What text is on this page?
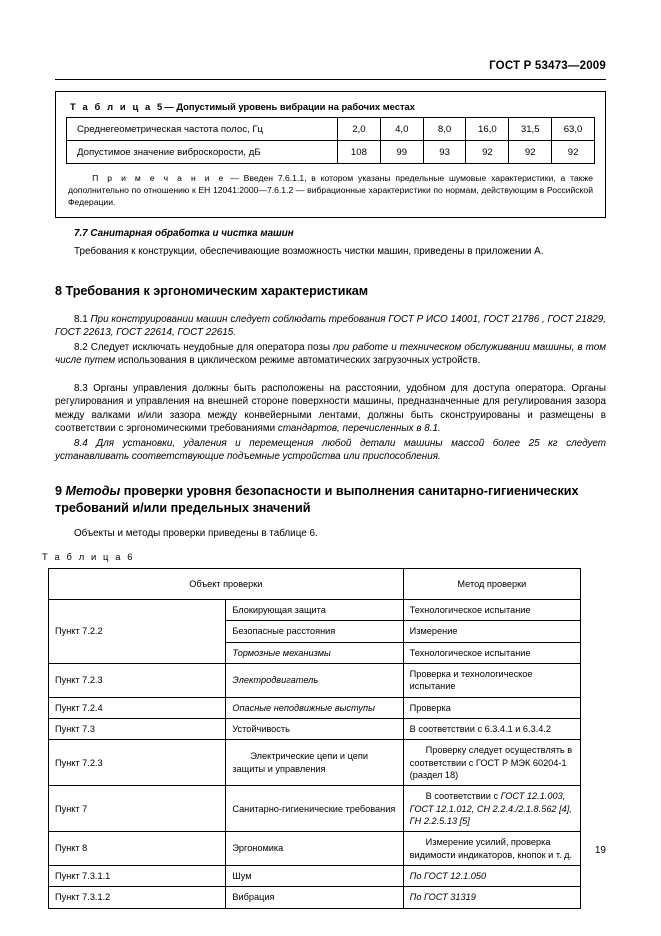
ГОСТ Р 53473—2009
Т а б л и ц а 5— Допустимый уровень вибрации на рабочих местах
Среднегеометрическая частота полос, Гц	2,0	4,0	8,0	16,0	31,5	63,0
Допустимое значение виброскорости, дБ	108	99	93	92	92	92
П р и м е ч а н и е — Введен 7.6.1.1, в котором указаны предельные шумовые характеристики, а также дополнительно по отношению к ЕН 12041:2000—7.6.1.2 — вибрационные характеристики по нормам, действующим в Российской Федерации.
7.7 Санитарная обработка и чистка машин
Требования к конструкции, обеспечивающие возможность чистки машин, приведены в приложении А.
8 Требования к эргономическим характеристикам
8.1 При конструировании машин следует соблюдать требования ГОСТ Р ИСО 14001, ГОСТ 21786 , ГОСТ 21829, ГОСТ 22613, ГОСТ 22614, ГОСТ 22615.
8.2 Следует исключать неудобные для оператора позы при работе и техническом обслуживании машины, в том числе путем использования в циклическом режиме автоматических загрузочных устройств.
8.3 Органы управления должны быть расположены на расстоянии, удобном для доступа оператора. Органы регулирования и управления на внешней стороне поверхности машины, предназначенные для регулирования зазора между валками и/или зазора между конвейерными лентами, должны быть сконструированы и размещены в соответствии с эргономическими требованиями стандартов, перечисленных в 8.1.
8.4 Для установки, удаления и перемещения любой детали машины массой более 25 кг следует устанавливать соответствующие подъемные устройства или приспособления.
9 Методы проверки уровня безопасности и выполнения санитарно-гигиенических требований и/или предельных значений
Объекты и методы проверки приведены в таблице 6.
Т а б л и ц а 6
Объект проверки		Метод проверки
Пункт 7.2.2	Блокирующая защита	Технологическое испытание
	Безопасные расстояния	Измерение
	Тормозные механизмы	Технологическое испытание
Пункт 7.2.3	Электродвигатель	Проверка и технологическое испытание
Пункт 7.2.4	Опасные неподвижные выступы	Проверка
Пункт 7.3	Устойчивость	В соответствии с 6.3.4.1 и 6.3.4.2
Пункт 7.2.3	Электрические цепи и цепи защиты и управления	Проверку следует осуществлять в соответствии с ГОСТ Р МЭК 60204-1 (раздел 18)
Пункт 7	Санитарно-гигиенические требования	В соответствии с ГОСТ 12.1.003, ГОСТ 12.1.012, СН 2.2.4./2.1.8.562 [4], ГН 2.2.5.13 [5]
Пункт 8	Эргономика	Измерение усилий, проверка видимости индикаторов, кнопок и т. д.
Пункт 7.3.1.1	Шум	По ГОСТ 12.1.050
Пункт 7.3.1.2	Вибрация	По ГОСТ 31319
19
